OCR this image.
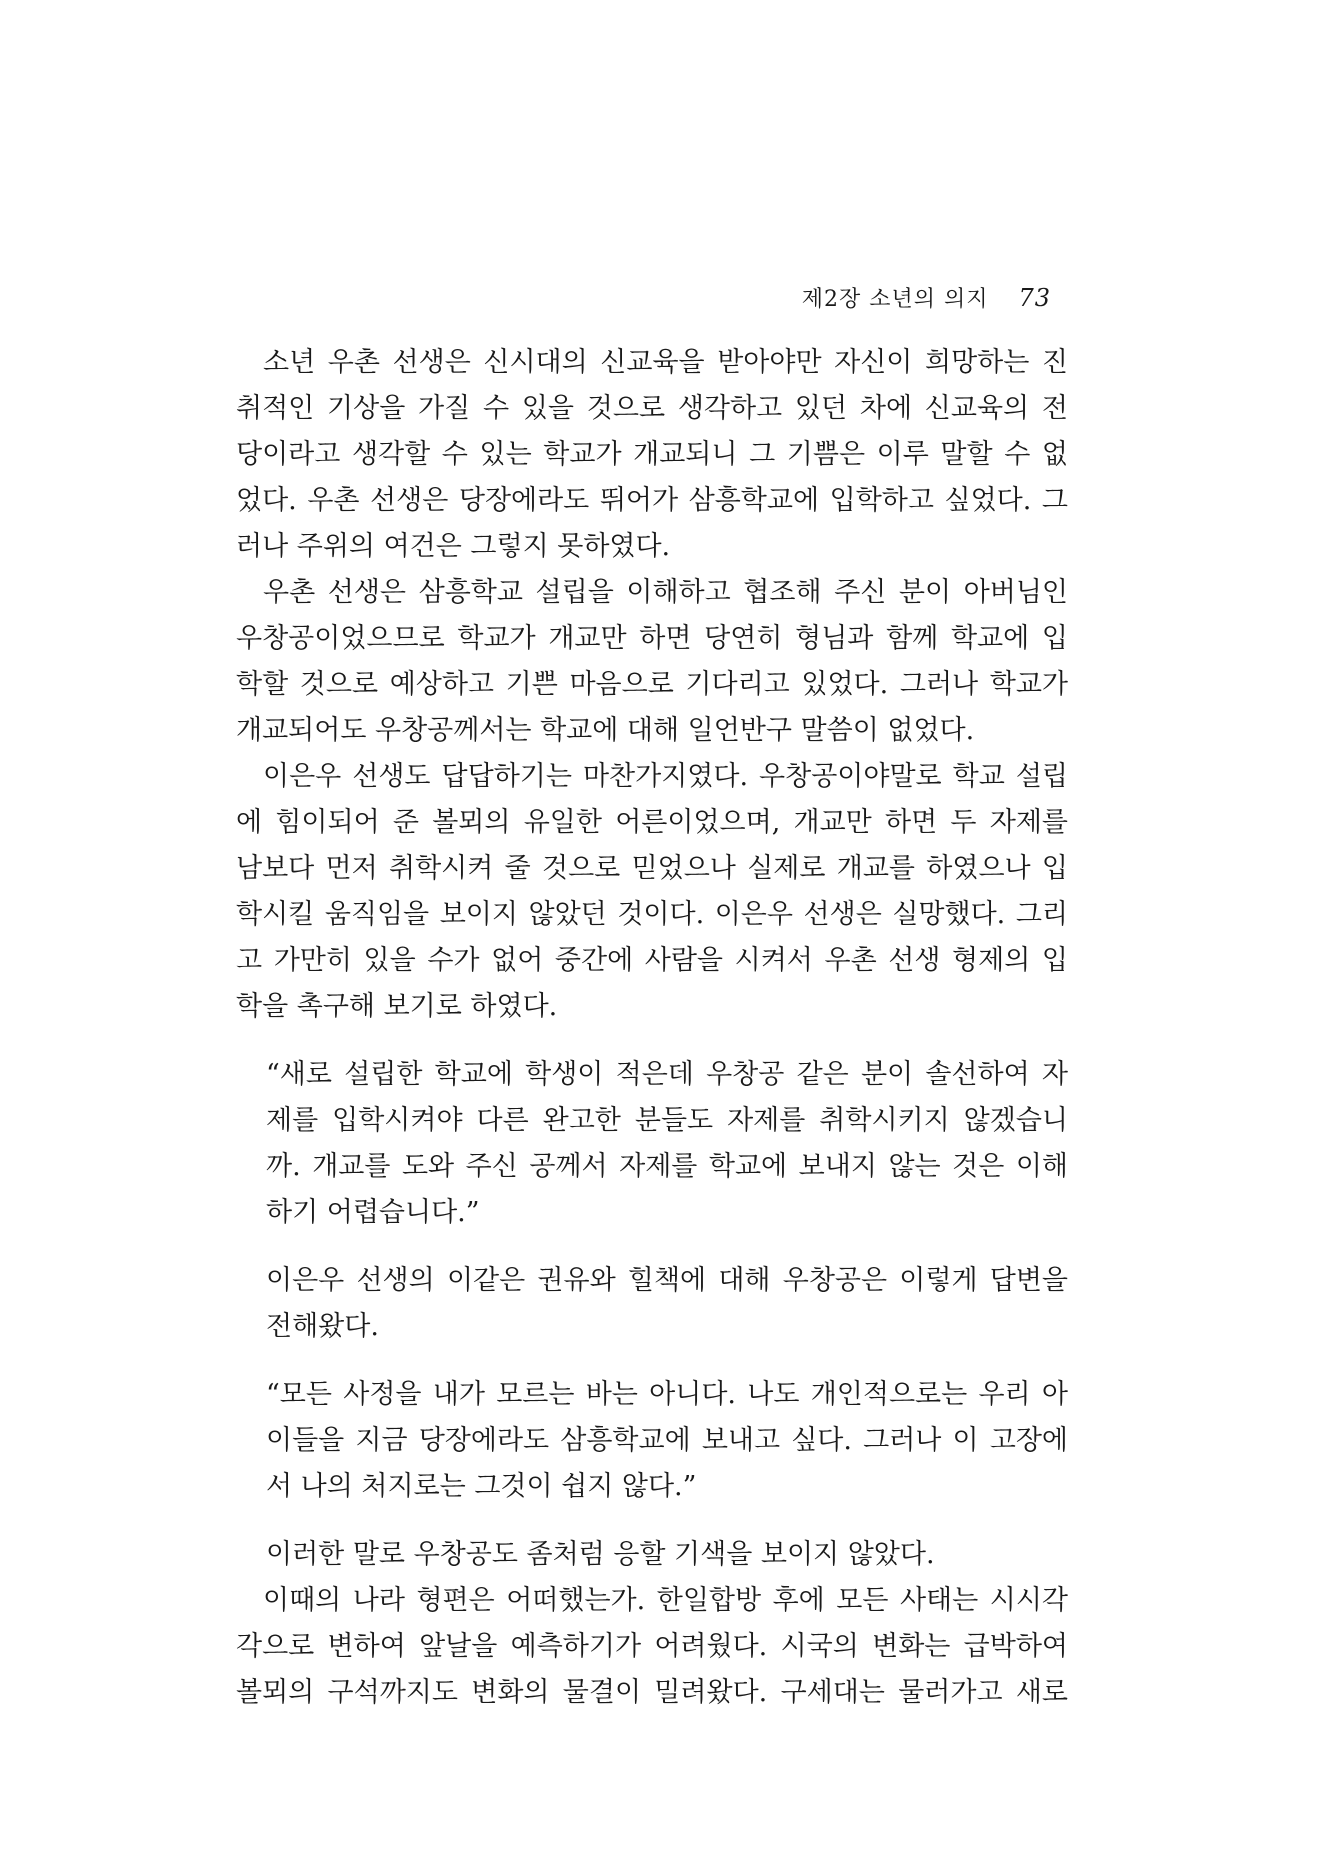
제2장 소년의 의지 73
소년 우촌 선생은 신시대의 신교육을 받아야만 자신이 희망하는 진
취적인 기상을 가질 수 있을 것으로 생각하고 있던 차에 신교육의 전
당이라고 생각할 수 있는 학교가 개교되니 그 기쁨은 이루 말할 수 없
었다. 우촌 선생은 당장에라도 뛰어가 삼흥학교에 입학하고 싶었다. 그
러나 주위의 여건은 그렇지 못하였다.
우촌 선생은 삼흥학교 설립을 이해하고 협조해 주신 분이 아버님인
우창공이었으므로 학교가 개교만 하면 당연히 형님과 함께 학교에 입
학할 것으로 예상하고 기쁜 마음으로 기다리고 있었다. 그러나 학교가
개교되어도 우창공께서는 학교에 대해 일언반구 말씀이 없었다.
이은우 선생도 답답하기는 마찬가지였다. 우창공이야말로 학교 설립
에 힘이되어 준 볼뫼의 유일한 어른이었으며, 개교만 하면 두 자제를
남보다 먼저 취학시켜 줄 것으로 믿었으나 실제로 개교를 하였으나 입
학시킬 움직임을 보이지 않았던 것이다. 이은우 선생은 실망했다. 그리
고 가만히 있을 수가 없어 중간에 사람을 시켜서 우촌 선생 형제의 입
학을 촉구해 보기로 하였다.
“새로 설립한 학교에 학생이 적은데 우창공 같은 분이 솔선하여 자
제를 입학시켜야 다른 완고한 분들도 자제를 취학시키지 않겠습니
까. 개교를 도와 주신 공께서 자제를 학교에 보내지 않는 것은 이해
하기 어렵습니다.”
이은우 선생의 이같은 권유와 힐책에 대해 우창공은 이렇게 답변을
전해왔다.
“모든 사정을 내가 모르는 바는 아니다. 나도 개인적으로는 우리 아
이들을 지금 당장에라도 삼흥학교에 보내고 싶다. 그러나 이 고장에
서 나의 처지로는 그것이 쉽지 않다.”
이러한 말로 우창공도 좀처럼 응할 기색을 보이지 않았다.
이때의 나라 형편은 어떠했는가. 한일합방 후에 모든 사태는 시시각
각으로 변하여 앞날을 예측하기가 어려웠다. 시국의 변화는 급박하여
볼뫼의 구석까지도 변화의 물결이 밀려왔다. 구세대는 물러가고 새로
